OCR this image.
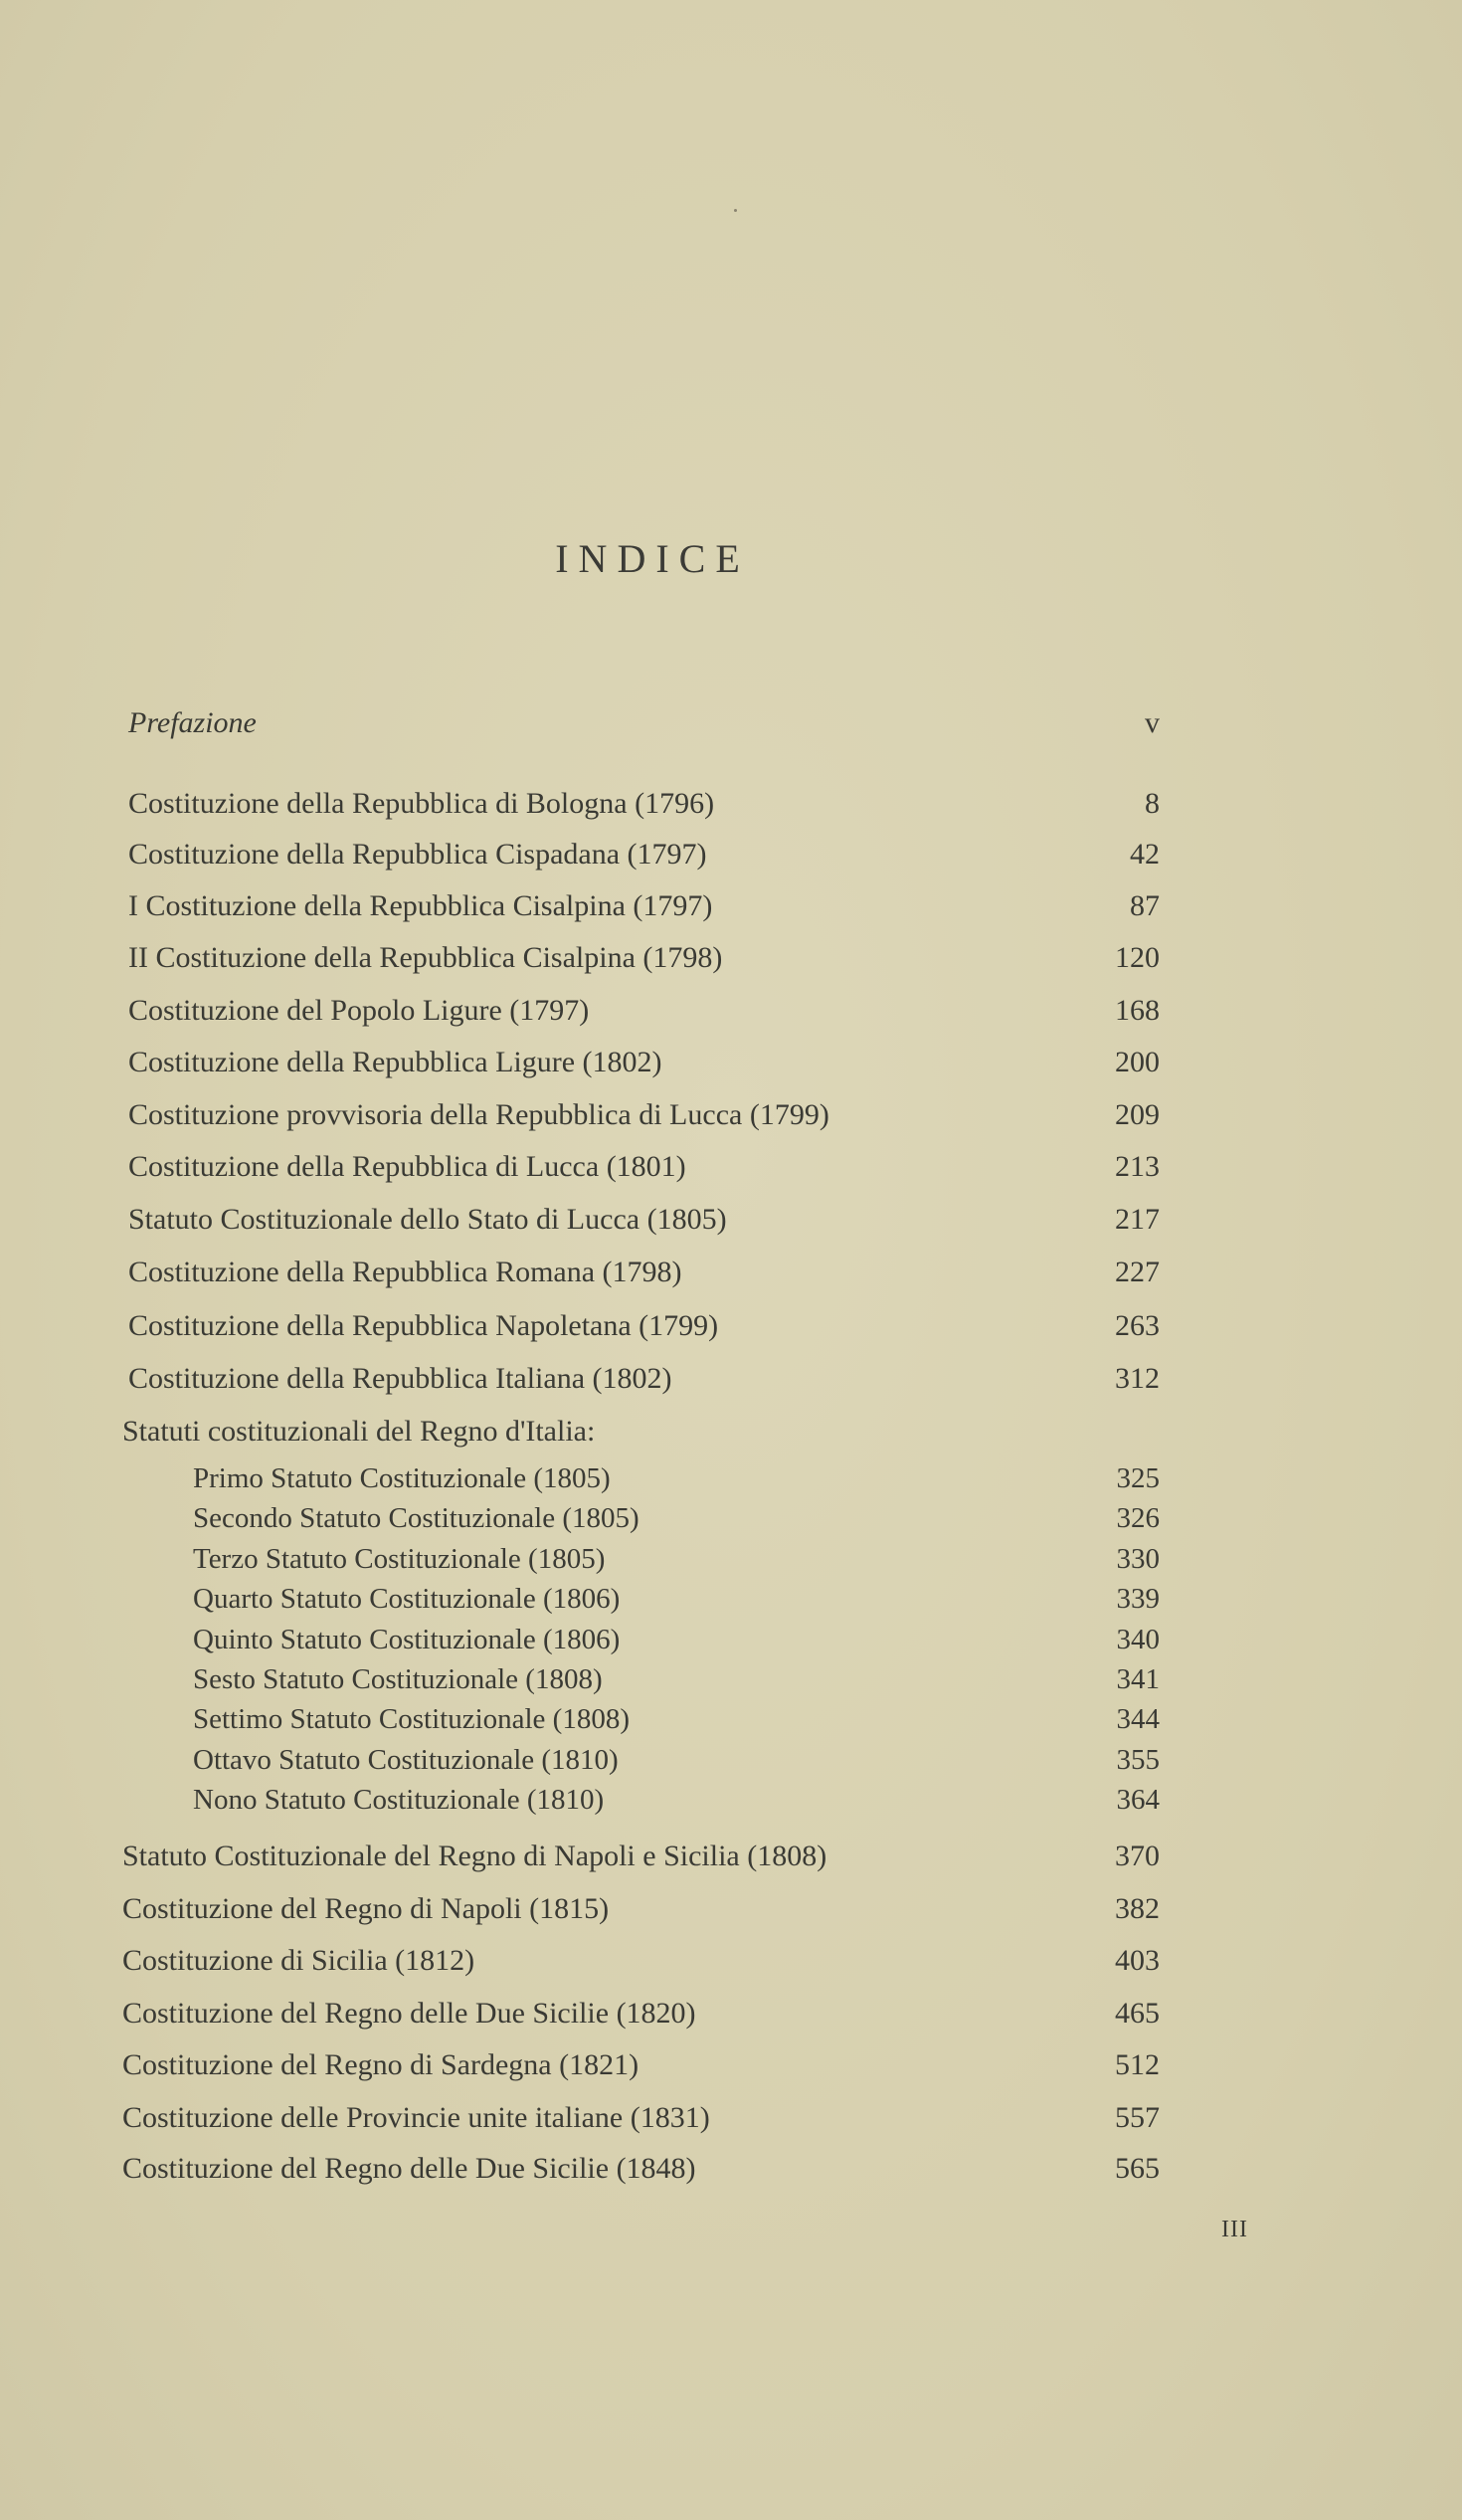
INDICE
Prefazione	v
Costituzione della Repubblica di Bologna (1796)	8
Costituzione della Repubblica Cispadana (1797)	42
I Costituzione della Repubblica Cisalpina (1797)	87
II Costituzione della Repubblica Cisalpina (1798)	120
Costituzione del Popolo Ligure (1797)	168
Costituzione della Repubblica Ligure (1802)	200
Costituzione provvisoria della Repubblica di Lucca (1799)	209
Costituzione della Repubblica di Lucca (1801)	213
Statuto Costituzionale dello Stato di Lucca (1805)	217
Costituzione della Repubblica Romana (1798)	227
Costituzione della Repubblica Napoletana (1799)	263
Costituzione della Repubblica Italiana (1802)	312
Statuti costituzionali del Regno d'Italia:
Primo Statuto Costituzionale (1805)	325
Secondo Statuto Costituzionale (1805)	326
Terzo Statuto Costituzionale (1805)	330
Quarto Statuto Costituzionale (1806)	339
Quinto Statuto Costituzionale (1806)	340
Sesto Statuto Costituzionale (1808)	341
Settimo Statuto Costituzionale (1808)	344
Ottavo Statuto Costituzionale (1810)	355
Nono Statuto Costituzionale (1810)	364
Statuto Costituzionale del Regno di Napoli e Sicilia (1808)	370
Costituzione del Regno di Napoli (1815)	382
Costituzione di Sicilia (1812)	403
Costituzione del Regno delle Due Sicilie (1820)	465
Costituzione del Regno di Sardegna (1821)	512
Costituzione delle Provincie unite italiane (1831)	557
Costituzione del Regno delle Due Sicilie (1848)	565
III
